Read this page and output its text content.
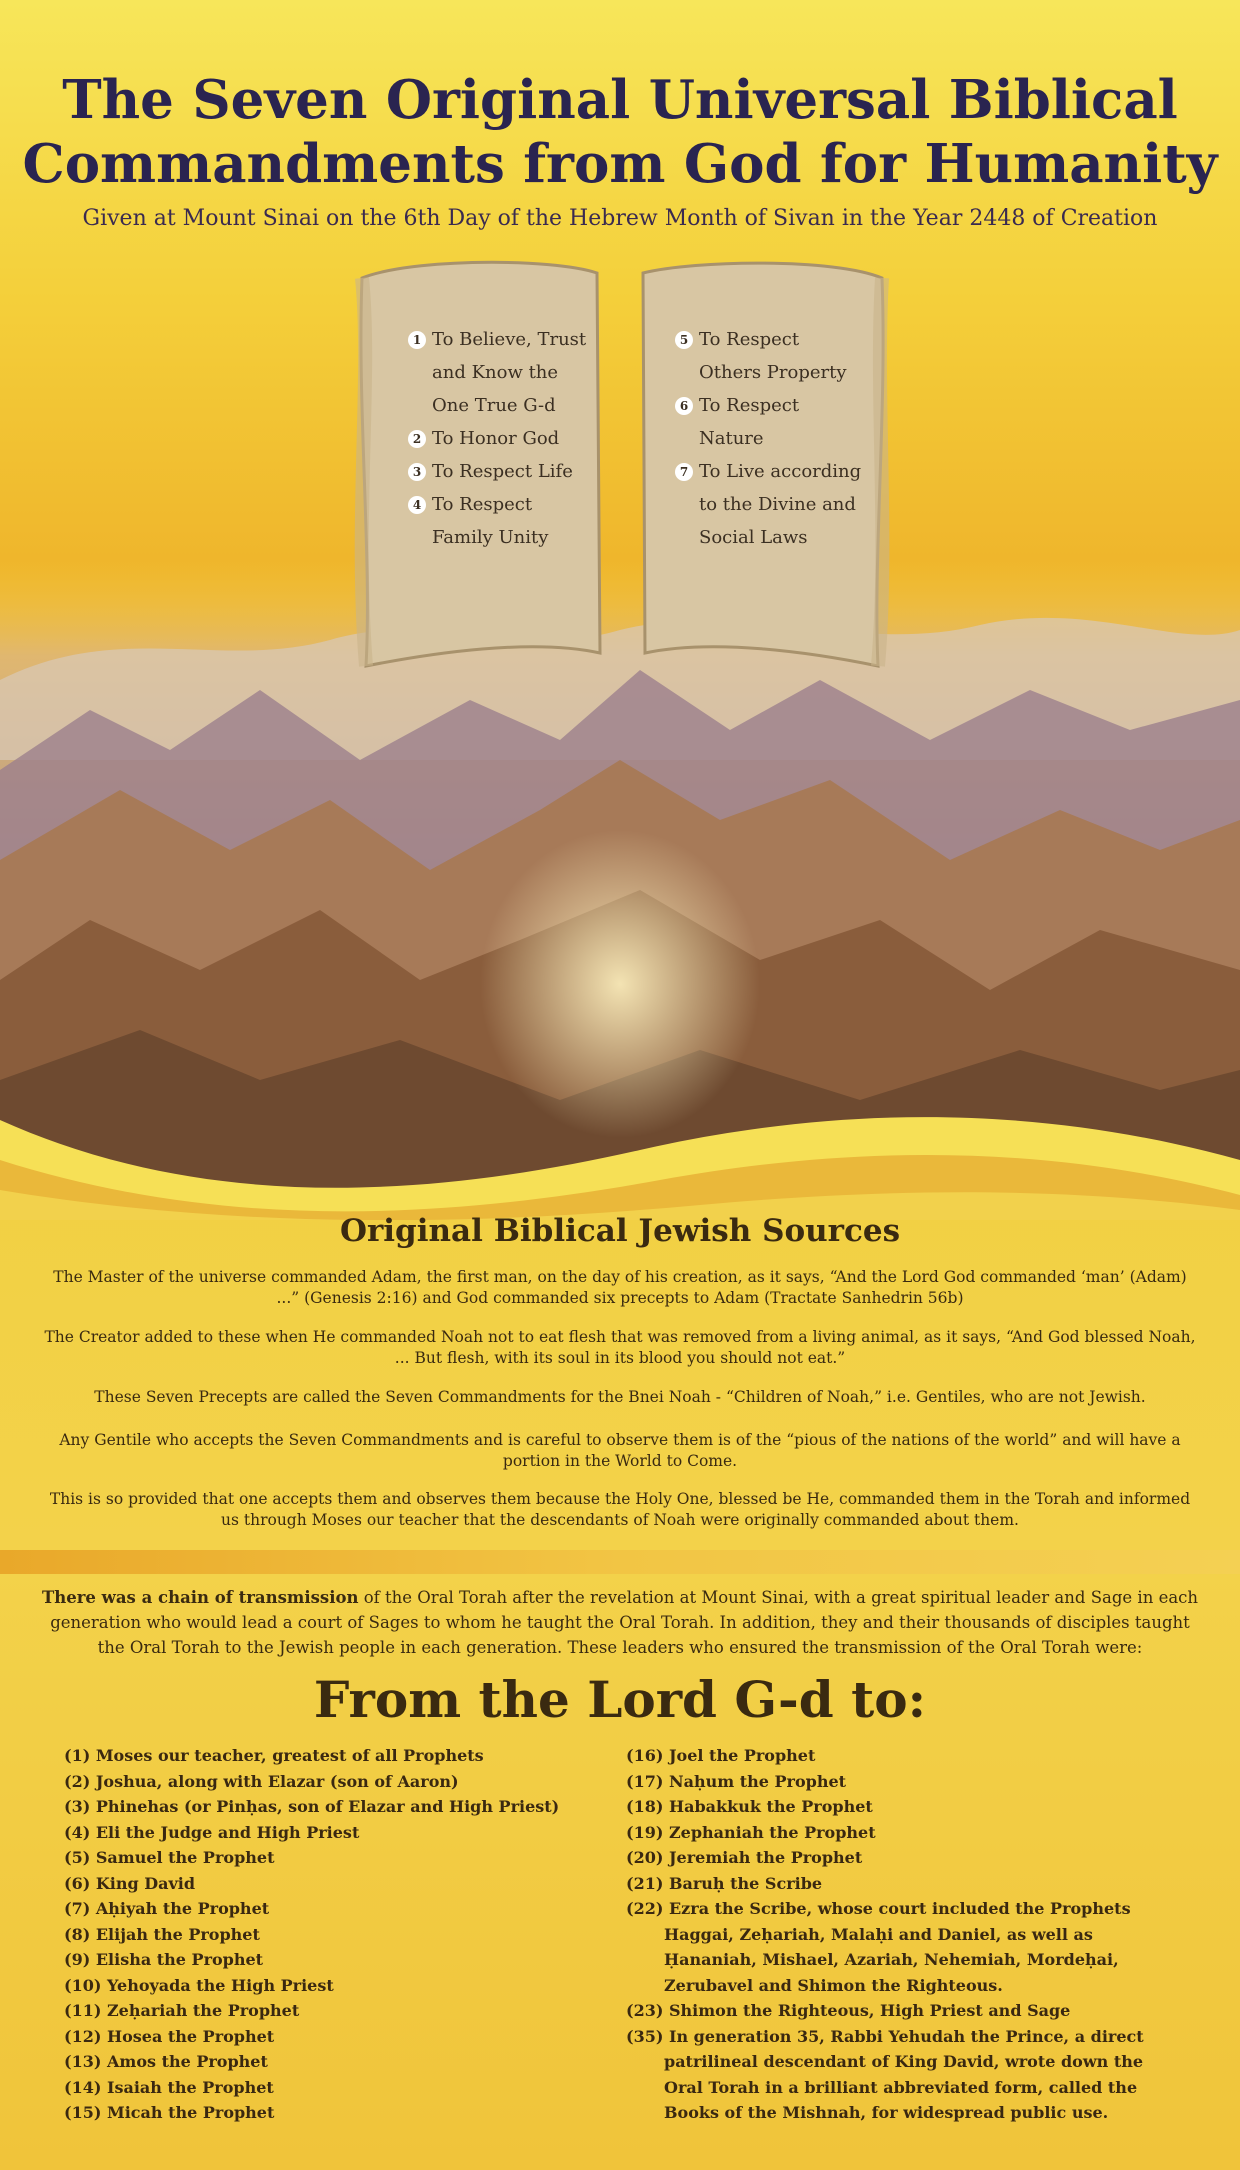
The Seven Original Universal Biblical Commandments from God for Humanity

Given at Mount Sinai on the 6th Day of the Hebrew Month of Sivan in the Year 2448 of Creation

1 To Believe, Trust and Know the One True G-d
2 To Honor God
3 To Respect Life
4 To Respect Family Unity
5 To Respect Others Property
6 To Respect Nature
7 To Live according to the Divine and Social Laws
Original Biblical Jewish Sources

The Master of the universe commanded Adam, the first man, on the day of his creation, as it says, “And the Lord God commanded ‘man’ (Adam) ...” (Genesis 2:16) and God commanded six precepts to Adam (Tractate Sanhedrin 56b)

The Creator added to these when He commanded Noah not to eat flesh that was removed from a living animal, as it says, “And God blessed Noah, ... But flesh, with its soul in its blood you should not eat.”

These Seven Precepts are called the Seven Commandments for the Bnei Noah - “Children of Noah,” i.e. Gentiles, who are not Jewish.

Any Gentile who accepts the Seven Commandments and is careful to observe them is of the “pious of the nations of the world” and will have a portion in the World to Come.

This is so provided that one accepts them and observes them because the Holy One, blessed be He, commanded them in the Torah and informed us through Moses our teacher that the descendants of Noah were originally commanded about them.

There was a chain of transmission of the Oral Torah after the revelation at Mount Sinai, with a great spiritual leader and Sage in each generation who would lead a court of Sages to whom he taught the Oral Torah. In addition, they and their thousands of disciples taught the Oral Torah to the Jewish people in each generation. These leaders who ensured the transmission of the Oral Torah were:

From the Lord G-d to:
(1) Moses our teacher, greatest of all Prophets
(2) Joshua, along with Elazar (son of Aaron)
(3) Phinehas (or Pinḥas, son of Elazar and High Priest)
(4) Eli the Judge and High Priest
(5) Samuel the Prophet
(6) King David
(7) Aḥiyah the Prophet
(8) Elijah the Prophet
(9) Elisha the Prophet
(10) Yehoyada the High Priest
(11) Zeḥariah the Prophet
(12) Hosea the Prophet
(13) Amos the Prophet
(14) Isaiah the Prophet
(15) Micah the Prophet
(16) Joel the Prophet
(17) Naḥum the Prophet
(18) Habakkuk the Prophet
(19) Zephaniah the Prophet
(20) Jeremiah the Prophet
(21) Baruḥ the Scribe
(22) Ezra the Scribe, whose court included the Prophets Haggai, Zeḥariah, Malaḥi and Daniel, as well as Ḥananiah, Mishael, Azariah, Nehemiah, Mordeḥai, Zerubavel and Shimon the Righteous.
(23) Shimon the Righteous, High Priest and Sage
(35) In generation 35, Rabbi Yehudah the Prince, a direct patrilineal descendant of King David, wrote down the Oral Torah in a brilliant abbreviated form, called the Books of the Mishnah, for widespread public use.
